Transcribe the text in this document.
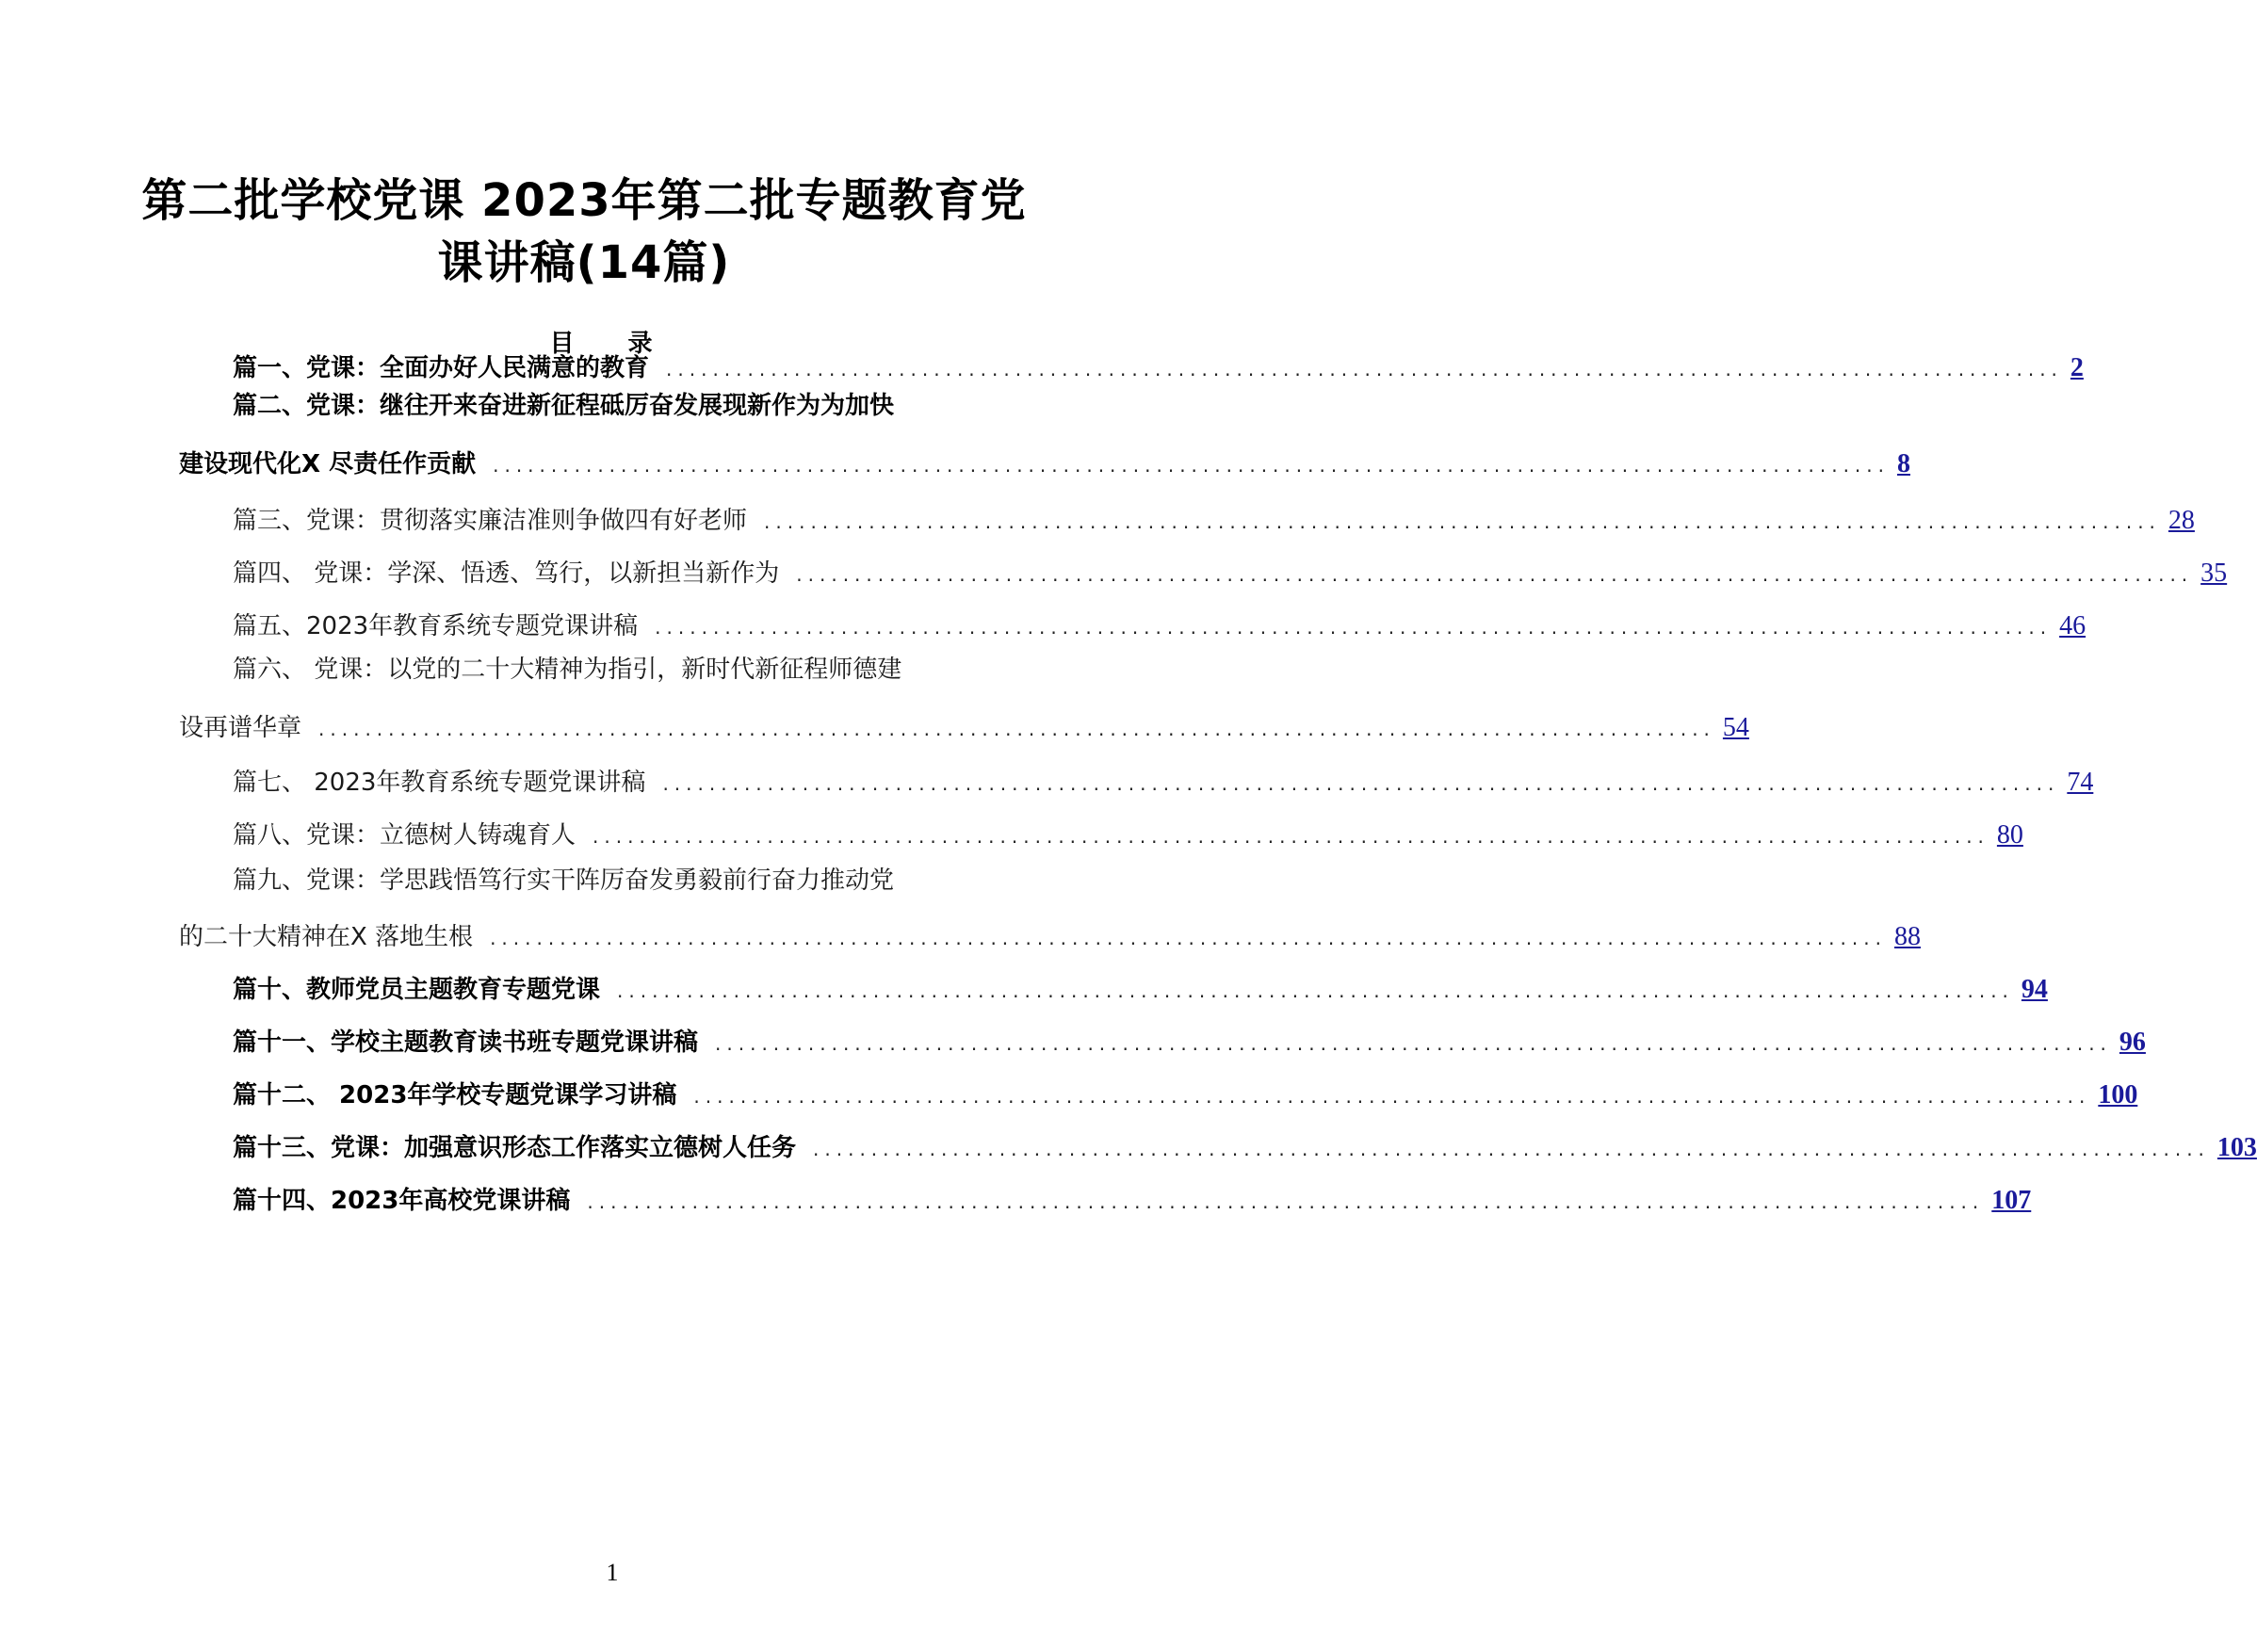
第二批学校党课 2023年第二批专题教育党
课讲稿(14篇)
目 录
篇一、党课：全面办好人民满意的教育 ........................................................................................................................ 2
篇二、党课：继往开来奋进新征程砥厉奋发展现新作为为加快
建设现代化X 尽责任作贡献 ........................................................................................................................ 8
篇三、党课：贯彻落实廉洁准则争做四有好老师 ........................................................................................................................ 28
篇四、 党课：学深、悟透、笃行，以新担当新作为 ........................................................................................................................ 35
篇五、2023年教育系统专题党课讲稿 ........................................................................................................................ 46
篇六、 党课：以党的二十大精神为指引，新时代新征程师德建
设再谱华章 ........................................................................................................................ 54
篇七、 2023年教育系统专题党课讲稿 ........................................................................................................................ 74
篇八、党课：立德树人铸魂育人 ........................................................................................................................ 80
篇九、党课：学思践悟笃行实干阵厉奋发勇毅前行奋力推动党
的二十大精神在X 落地生根 ........................................................................................................................ 88
篇十、教师党员主题教育专题党课 ........................................................................................................................ 94
篇十一、学校主题教育读书班专题党课讲稿 ........................................................................................................................ 96
篇十二、 2023年学校专题党课学习讲稿 ........................................................................................................................ 100
篇十三、党课：加强意识形态工作落实立德树人任务 ........................................................................................................................ 103
篇十四、2023年高校党课讲稿 ........................................................................................................................ 107
1
